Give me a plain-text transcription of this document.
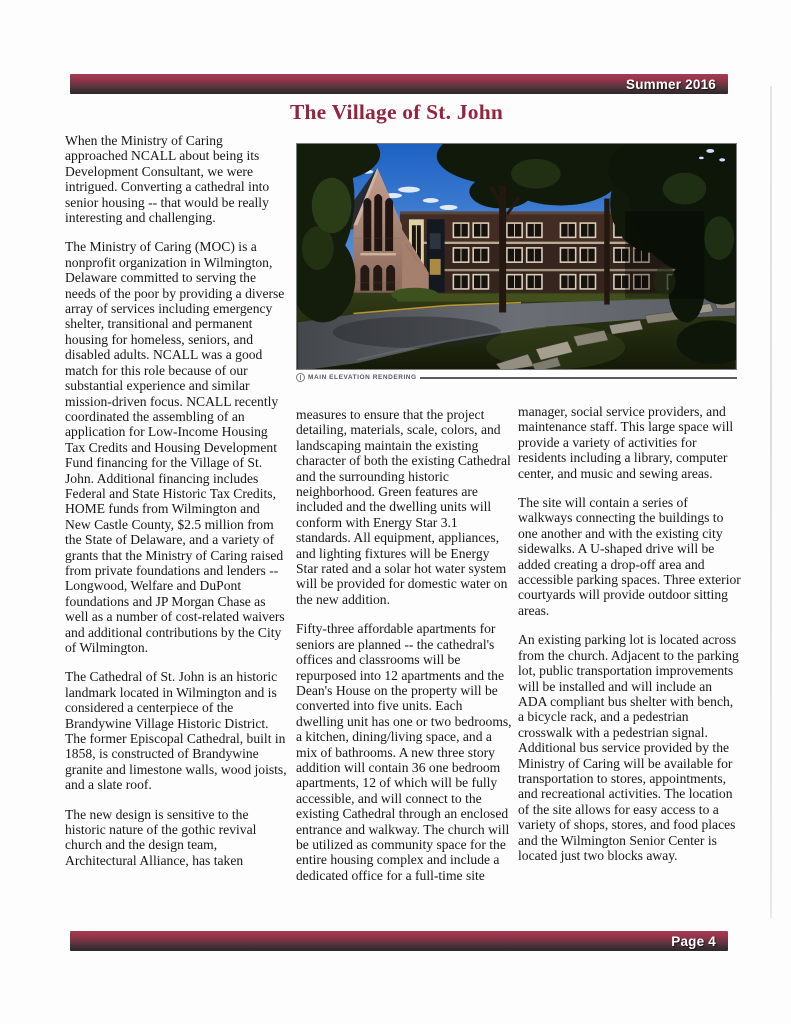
Summer 2016
The Village of St. John

When the Ministry of Caring approached NCALL about being its Development Consultant, we were intrigued. Converting a cathedral into senior housing -- that would be really interesting and challenging.

The Ministry of Caring (MOC) is a nonprofit organization in Wilmington, Delaware committed to serving the needs of the poor by providing a diverse array of services including emergency shelter, transitional and permanent housing for homeless, seniors, and disabled adults. NCALL was a good match for this role because of our substantial experience and similar mission-driven focus. NCALL recently coordinated the assembling of an application for Low-Income Housing Tax Credits and Housing Development Fund financing for the Village of St. John. Additional financing includes Federal and State Historic Tax Credits, HOME funds from Wilmington and New Castle County, $2.5 million from the State of Delaware, and a variety of grants that the Ministry of Caring raised from private foundations and lenders -- Longwood, Welfare and DuPont foundations and JP Morgan Chase as well as a number of cost-related waivers and additional contributions by the City of Wilmington.

The Cathedral of St. John is an historic landmark located in Wilmington and is considered a centerpiece of the Brandywine Village Historic District. The former Episcopal Cathedral, built in 1858, is constructed of Brandywine granite and limestone walls, wood joists, and a slate roof.

The new design is sensitive to the historic nature of the gothic revival church and the design team, Architectural Alliance, has taken

MAIN ELEVATION RENDERING

measures to ensure that the project detailing, materials, scale, colors, and landscaping maintain the existing character of both the existing Cathedral and the surrounding historic neighborhood. Green features are included and the dwelling units will conform with Energy Star 3.1 standards. All equipment, appliances, and lighting fixtures will be Energy Star rated and a solar hot water system will be provided for domestic water on the new addition.

Fifty-three affordable apartments for seniors are planned -- the cathedral's offices and classrooms will be repurposed into 12 apartments and the Dean's House on the property will be converted into five units. Each dwelling unit has one or two bedrooms, a kitchen, dining/living space, and a mix of bathrooms. A new three story addition will contain 36 one bedroom apartments, 12 of which will be fully accessible, and will connect to the existing Cathedral through an enclosed entrance and walkway. The church will be utilized as community space for the entire housing complex and include a dedicated office for a full-time site

manager, social service providers, and maintenance staff. This large space will provide a variety of activities for residents including a library, computer center, and music and sewing areas.

The site will contain a series of walkways connecting the buildings to one another and with the existing city sidewalks. A U-shaped drive will be added creating a drop-off area and accessible parking spaces. Three exterior courtyards will provide outdoor sitting areas.

An existing parking lot is located across from the church. Adjacent to the parking lot, public transportation improvements will be installed and will include an ADA compliant bus shelter with bench, a bicycle rack, and a pedestrian crosswalk with a pedestrian signal. Additional bus service provided by the Ministry of Caring will be available for transportation to stores, appointments, and recreational activities. The location of the site allows for easy access to a variety of shops, stores, and food places and the Wilmington Senior Center is located just two blocks away.

Page 4
